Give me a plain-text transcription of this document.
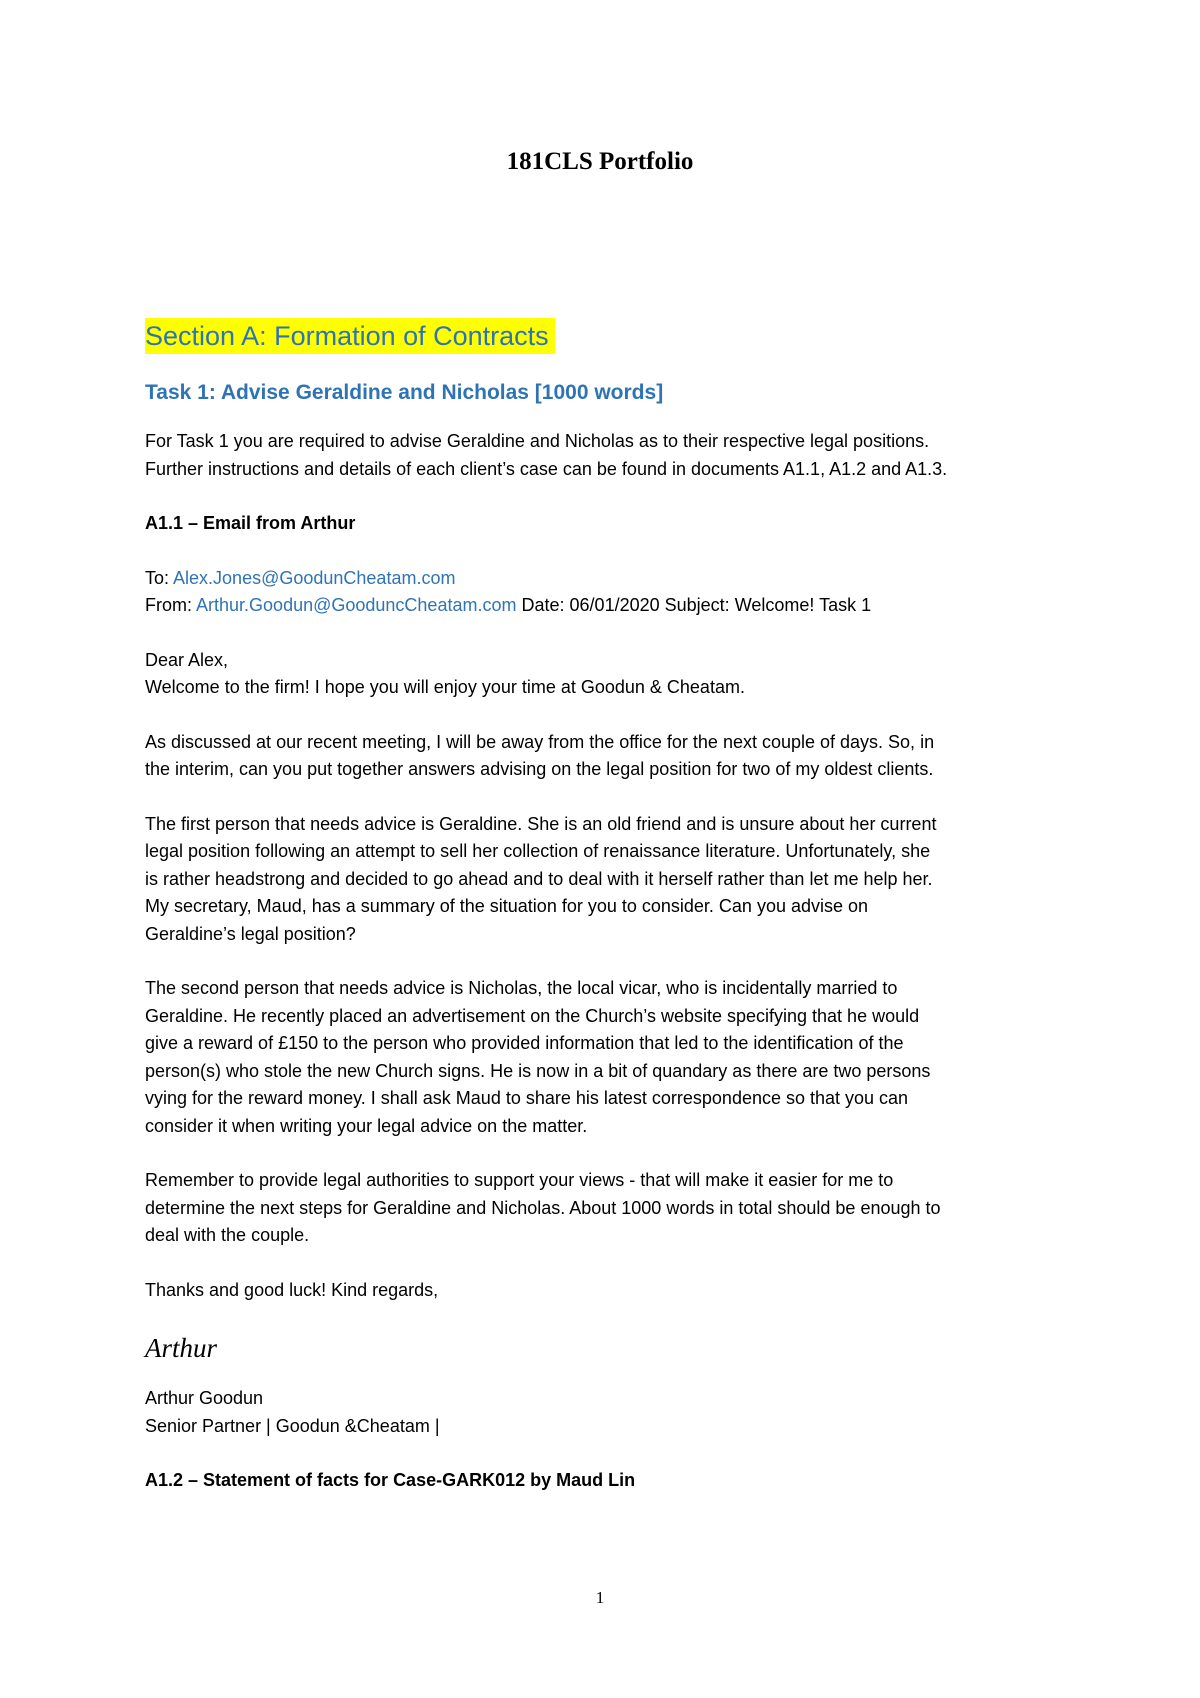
181CLS Portfolio
Section A: Formation of Contracts
Task 1: Advise Geraldine and Nicholas [1000 words]

For Task 1 you are required to advise Geraldine and Nicholas as to their respective legal positions.
Further instructions and details of each client’s case can be found in documents A1.1, A1.2 and A1.3.

A1.1 – Email from Arthur

To: Alex.Jones@GoodunCheatam.com
From: Arthur.Goodun@GooduncCheatam.com Date: 06/01/2020 Subject: Welcome! Task 1

Dear Alex,
Welcome to the firm! I hope you will enjoy your time at Goodun & Cheatam.

As discussed at our recent meeting, I will be away from the office for the next couple of days. So, in
the interim, can you put together answers advising on the legal position for two of my oldest clients.

The first person that needs advice is Geraldine. She is an old friend and is unsure about her current
legal position following an attempt to sell her collection of renaissance literature. Unfortunately, she
is rather headstrong and decided to go ahead and to deal with it herself rather than let me help her.
My secretary, Maud, has a summary of the situation for you to consider. Can you advise on
Geraldine’s legal position?

The second person that needs advice is Nicholas, the local vicar, who is incidentally married to
Geraldine. He recently placed an advertisement on the Church’s website specifying that he would
give a reward of £150 to the person who provided information that led to the identification of the
person(s) who stole the new Church signs. He is now in a bit of quandary as there are two persons
vying for the reward money. I shall ask Maud to share his latest correspondence so that you can
consider it when writing your legal advice on the matter.

Remember to provide legal authorities to support your views - that will make it easier for me to
determine the next steps for Geraldine and Nicholas. About 1000 words in total should be enough to
deal with the couple.

Thanks and good luck! Kind regards,

Arthur

Arthur Goodun
Senior Partner | Goodun &Cheatam |

A1.2 – Statement of facts for Case-GARK012 by Maud Lin
1
